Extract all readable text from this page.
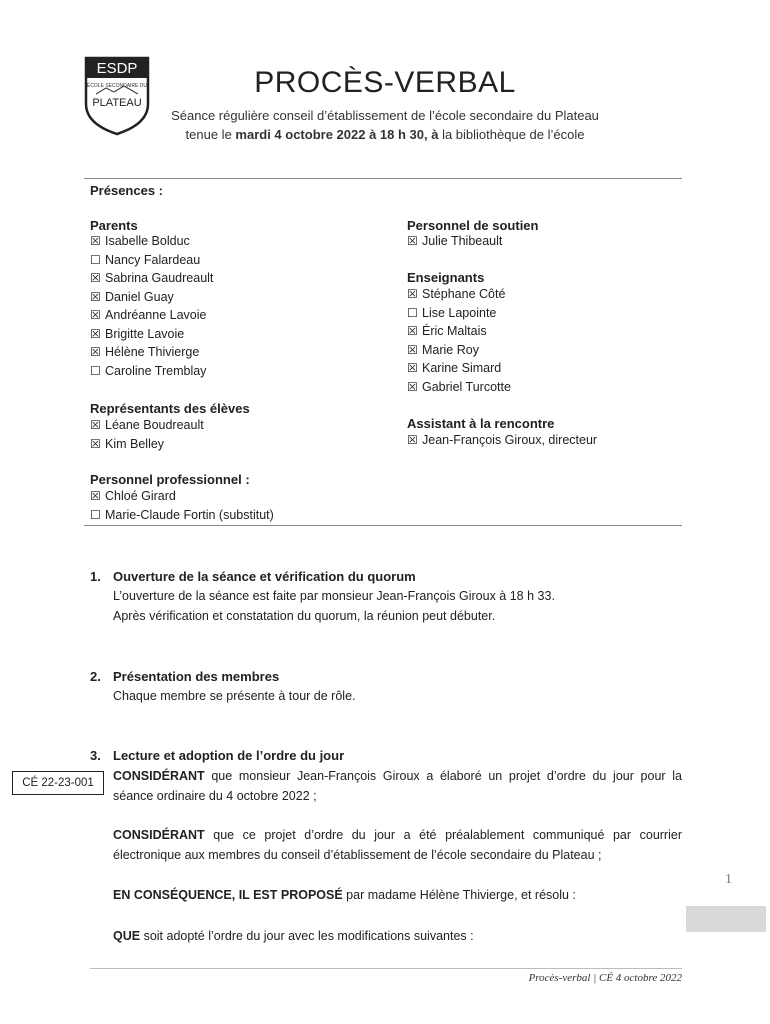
ESDP
ÉCOLE SECONDAIRE DU
PLATEAU
PROCÈS-VERBAL
Séance régulière conseil d’établissement de l’école secondaire du Plateau
tenue le mardi 4 octobre 2022 à 18 h 30, à la bibliothèque de l’école
Présences :
Parents
☒ Isabelle Bolduc
☐ Nancy Falardeau
☒ Sabrina Gaudreault
☒ Daniel Guay
☒ Andréanne Lavoie
☒ Brigitte Lavoie
☒ Hélène Thivierge
☐ Caroline Tremblay
Représentants des élèves
☒ Léane Boudreault
☒ Kim Belley
Personnel professionnel :
☒ Chloé Girard
☐ Marie-Claude Fortin (substitut)
Personnel de soutien
☒ Julie Thibeault
Enseignants
☒ Stéphane Côté
☐ Lise Lapointe
☒ Éric Maltais
☒ Marie Roy
☒ Karine Simard
☒ Gabriel Turcotte
Assistant à la rencontre
☒ Jean-François Giroux, directeur
1. Ouverture de la séance et vérification du quorum
L’ouverture de la séance est faite par monsieur Jean-François Giroux à 18 h 33.
Après vérification et constatation du quorum, la réunion peut débuter.
2. Présentation des membres
Chaque membre se présente à tour de rôle.
3. Lecture et adoption de l’ordre du jour
CÉ 22-23-001	CONSIDÉRANT que monsieur Jean-François Giroux a élaboré un projet d’ordre du jour pour la séance ordinaire du 4 octobre 2022 ;
CONSIDÉRANT que ce projet d’ordre du jour a été préalablement communiqué par courrier électronique aux membres du conseil d’établissement de l’école secondaire du Plateau ;
EN CONSÉQUENCE, IL EST PROPOSÉ par madame Hélène Thivierge, et résolu :
QUE soit adopté l’ordre du jour avec les modifications suivantes :
1
Procès-verbal | CÉ 4 octobre 2022
